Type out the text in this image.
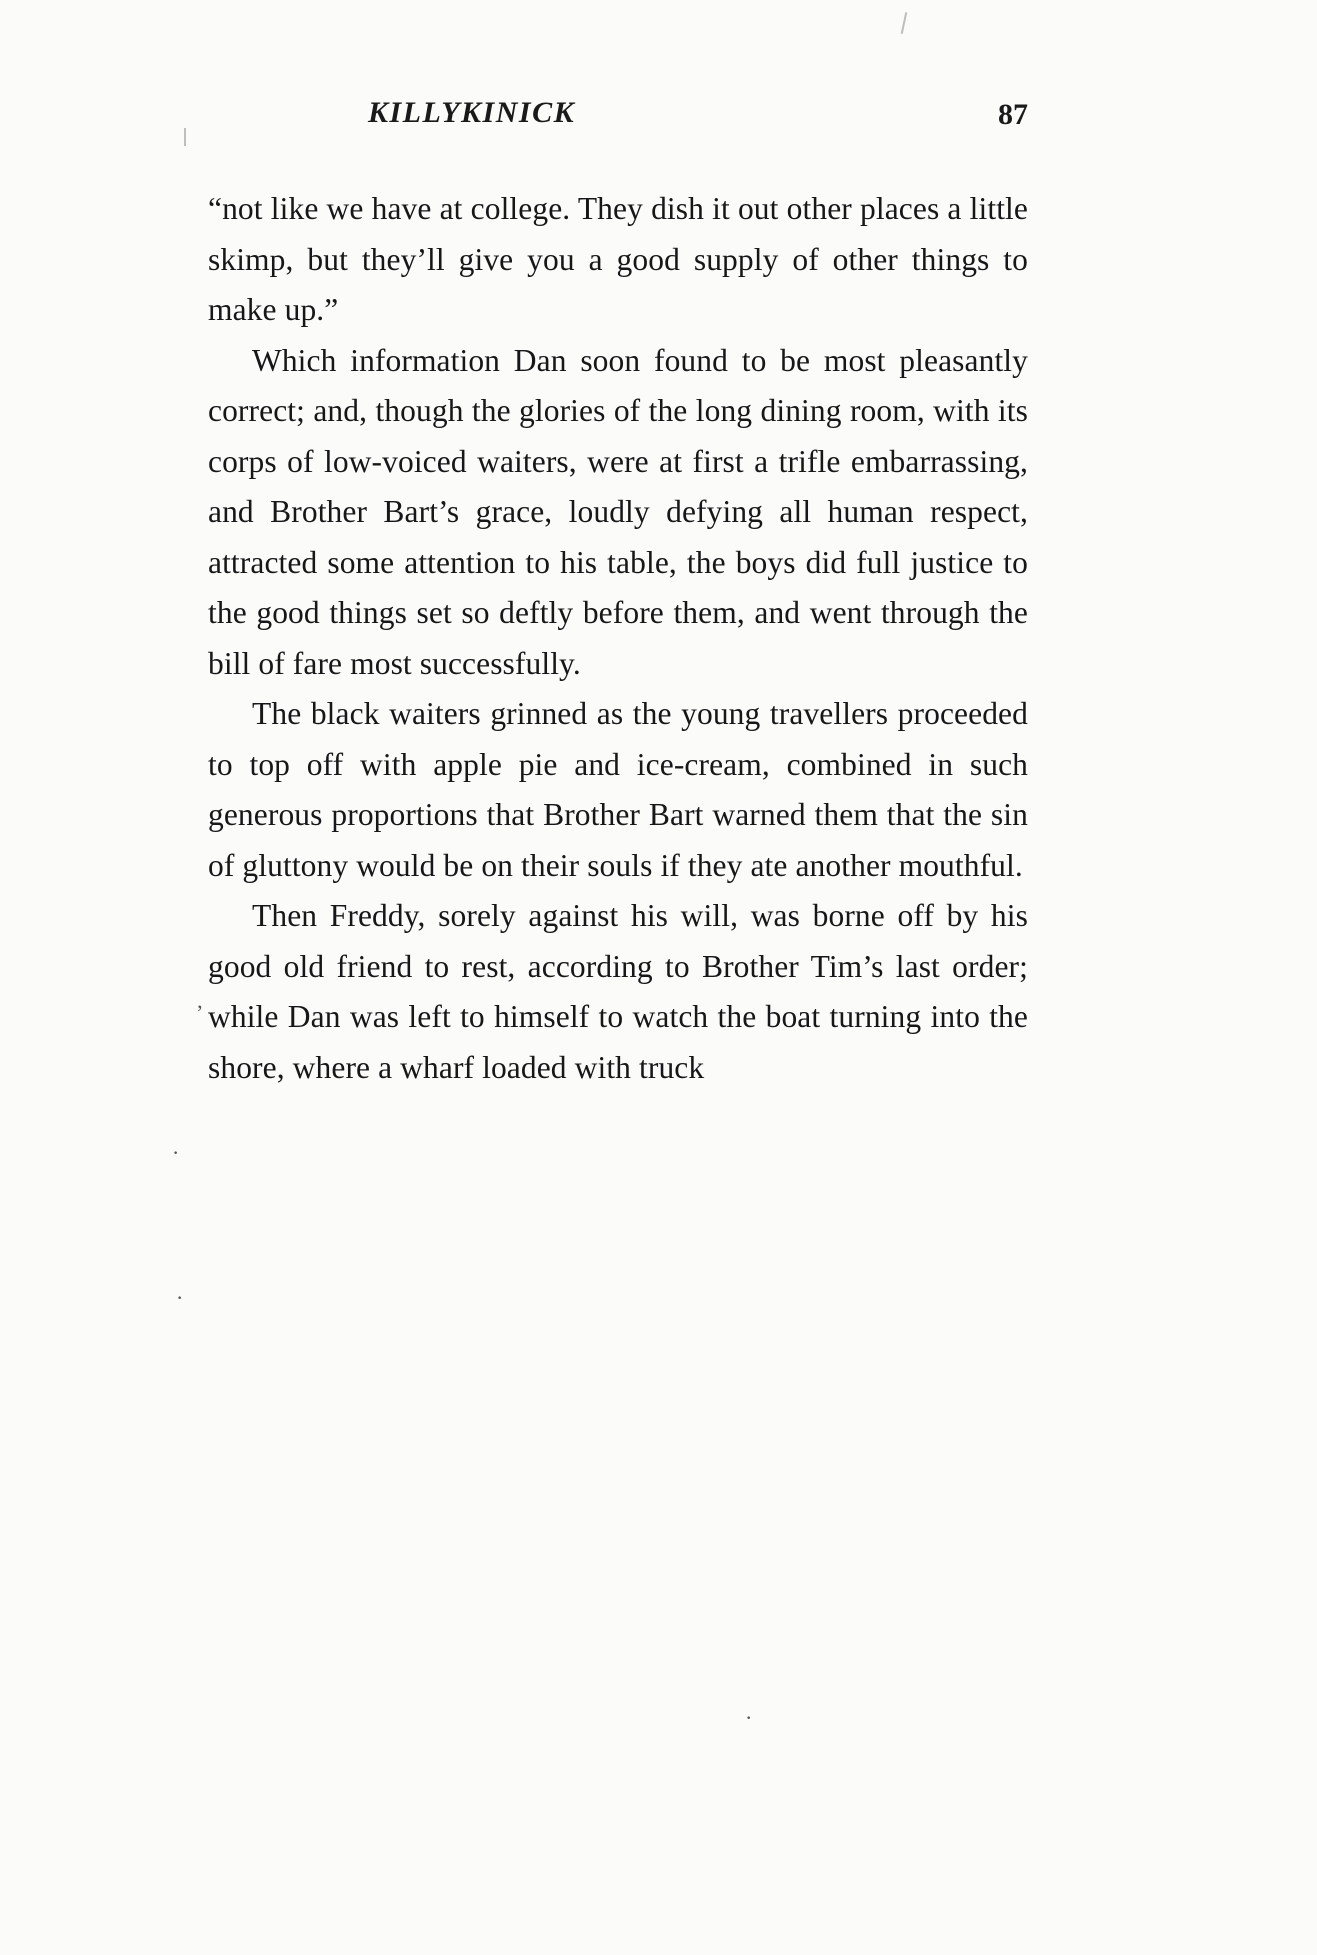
KILLYKINICK	87

“not like we have at college. They dish it out other places a little skimp, but they’ll give you a good supply of other things to make up.”

Which information Dan soon found to be most pleasantly correct; and, though the glories of the long dining room, with its corps of low-voiced waiters, were at first a trifle embarrassing, and Brother Bart’s grace, loudly defying all human respect, attracted some attention to his table, the boys did full justice to the good things set so deftly before them, and went through the bill of fare most successfully.

The black waiters grinned as the young travellers proceeded to top off with apple pie and ice-cream, combined in such generous proportions that Brother Bart warned them that the sin of gluttony would be on their souls if they ate another mouthful.

Then Freddy, sorely against his will, was borne off by his good old friend to rest, according to Brother Tim’s last order; while Dan was left to himself to watch the boat turning into the shore, where a wharf loaded with truck

·
·
’
·
